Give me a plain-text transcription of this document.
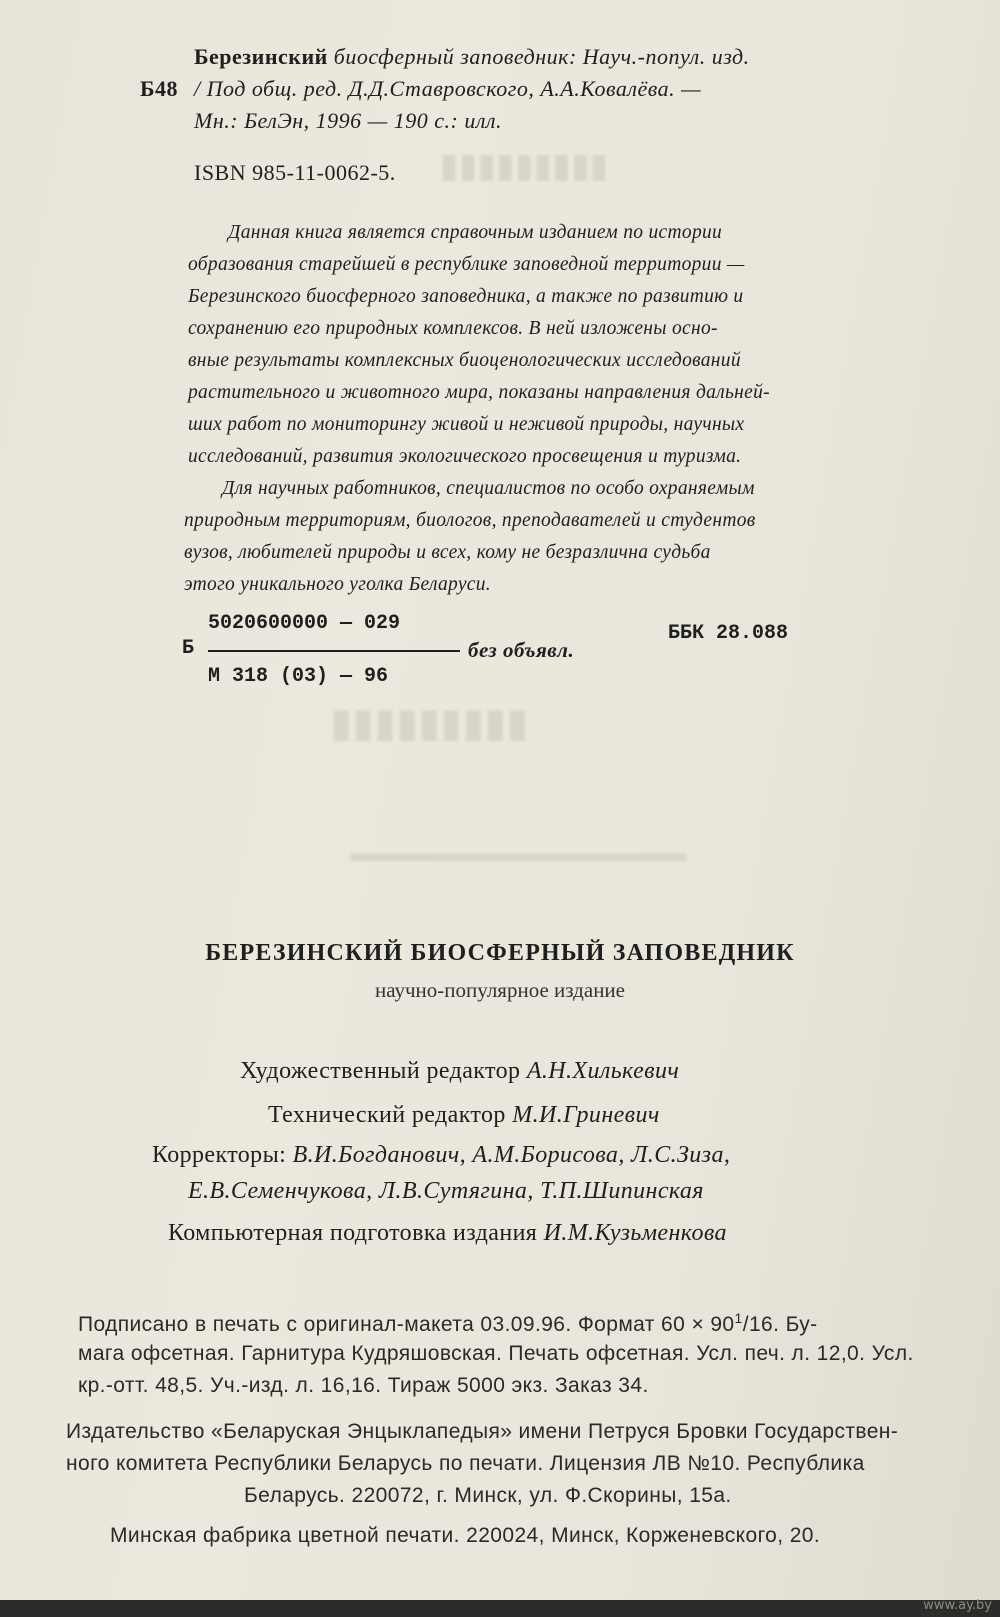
▮▮▮▮▮▮▮▮▮
▮▮▮▮▮▮▮▮▮
▬▬▬▬▬▬▬▬▬▬▬▬▬▬
Березинский биосферный заповедник: Науч.-попул. изд.
Б48 / Под общ. ред. Д.Д.Ставровского, А.А.Ковалёва. —
Мн.: БелЭн, 1996 — 190 с.: илл.
ISBN 985-11-0062-5.
Данная книга является справочным изданием по истории
образования старейшей в республике заповедной территории —
Березинского биосферного заповедника, а также по развитию и
сохранению его природных комплексов. В ней изложены осно-
вные результаты комплексных биоценологических исследований
растительного и животного мира, показаны направления дальней-
ших работ по мониторингу живой и неживой природы, научных
исследований, развития экологического просвещения и туризма.
Для научных работников, специалистов по особо охраняемым
природным территориям, биологов, преподавателей и студентов
вузов, любителей природы и всех, кому не безразлична судьба
этого уникального уголка Беларуси.
5020600000 — 029
Б	без объявл.
М 318 (03) — 96
ББК 28.088
БЕРЕЗИНСКИЙ БИОСФЕРНЫЙ ЗАПОВЕДНИК
научно-популярное издание
Художественный редактор А.Н.Хилькевич
Технический редактор М.И.Гриневич
Корректоры: В.И.Богданович, А.М.Борисова, Л.С.Зиза,
Е.В.Семенчукова, Л.В.Сутягина, Т.П.Шипинская
Компьютерная подготовка издания И.М.Кузьменкова
Подписано в печать с оригинал-макета 03.09.96. Формат $60 \times 90^1/16$. Бу-
мага офсетная. Гарнитура Кудряшовская. Печать офсетная. Усл. печ. л. 12,0. Усл.
кр.-отт. 48,5. Уч.-изд. л. 16,16. Тираж 5000 экз. Заказ 34.
Издательство «Беларуская Энцыклапедыя» имени Петруся Бровки Государствен-
ного комитета Республики Беларусь по печати. Лицензия ЛВ №10. Республика
Беларусь. 220072, г. Минск, ул. Ф.Скорины, 15а.
Минская фабрика цветной печати. 220024, Минск, Корженевского, 20.
www.ay.by
